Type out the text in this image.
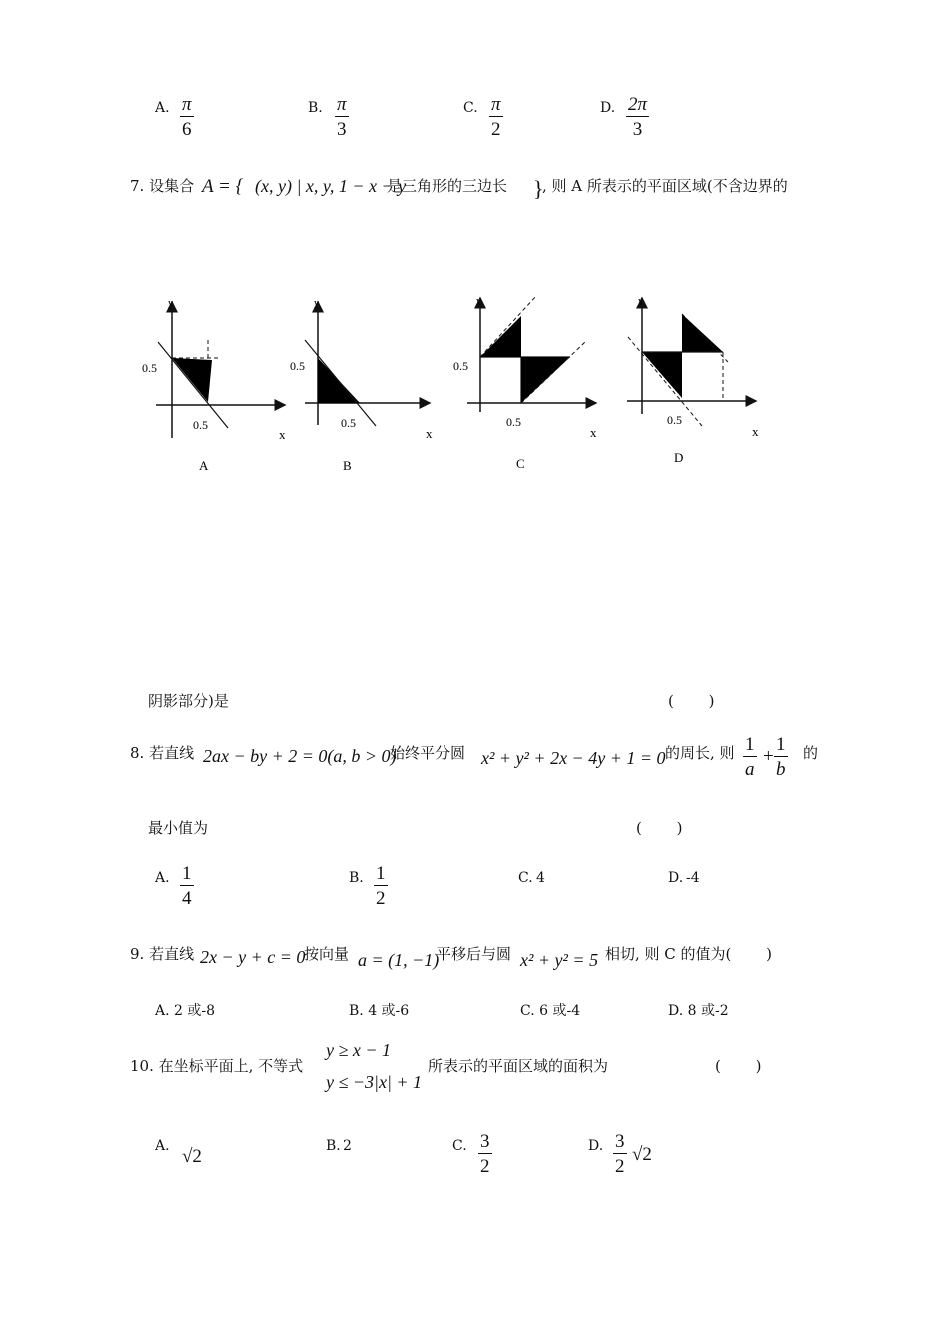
A. $\frac{\pi}{6}$	B. $\frac{\pi}{3}$	C. $\frac{\pi}{2}$	D. $\frac{2\pi}{3}$
7. 设集合 A = { (x, y) | x, y, 1 − x − y
是三角形的三边长 }
, 则 A 所表示的平面区域(不含边界的
y
0.5
0.5
x
A
y
0.5
0.5
x
B
y
0.5
0.5
x
C
y
0.5
x
D
阴影部分)是	(　 　)
8. 若直线 2ax − by + 2 = 0(a, b > 0)
始终平分圆 x² + y² + 2x − 4y + 1 = 0 的周长, 则 $\frac{1}{a} + \frac{1}{b}$ 的
最小值为	(　 　)
A. $\frac{1}{4}$	B. $\frac{1}{2}$	C. 4	D. -4
9. 若直线 2x − y + c = 0
按向量 a = (1, −1)
平移后与圆 x² + y² = 5 相切, 则 C 的值为(　 　)
A. 2 或-8	B. 4 或-6	C. 6 或-4	D. 8 或-2
10. 在坐标平面上, 不等式
y ≥ x − 1
y ≤ −3|x| + 1
所表示的平面区域的面积为	(　 　)
A. √2	B. 2	C. $\frac{3}{2}$	D. $\frac{3}{2} √2$
